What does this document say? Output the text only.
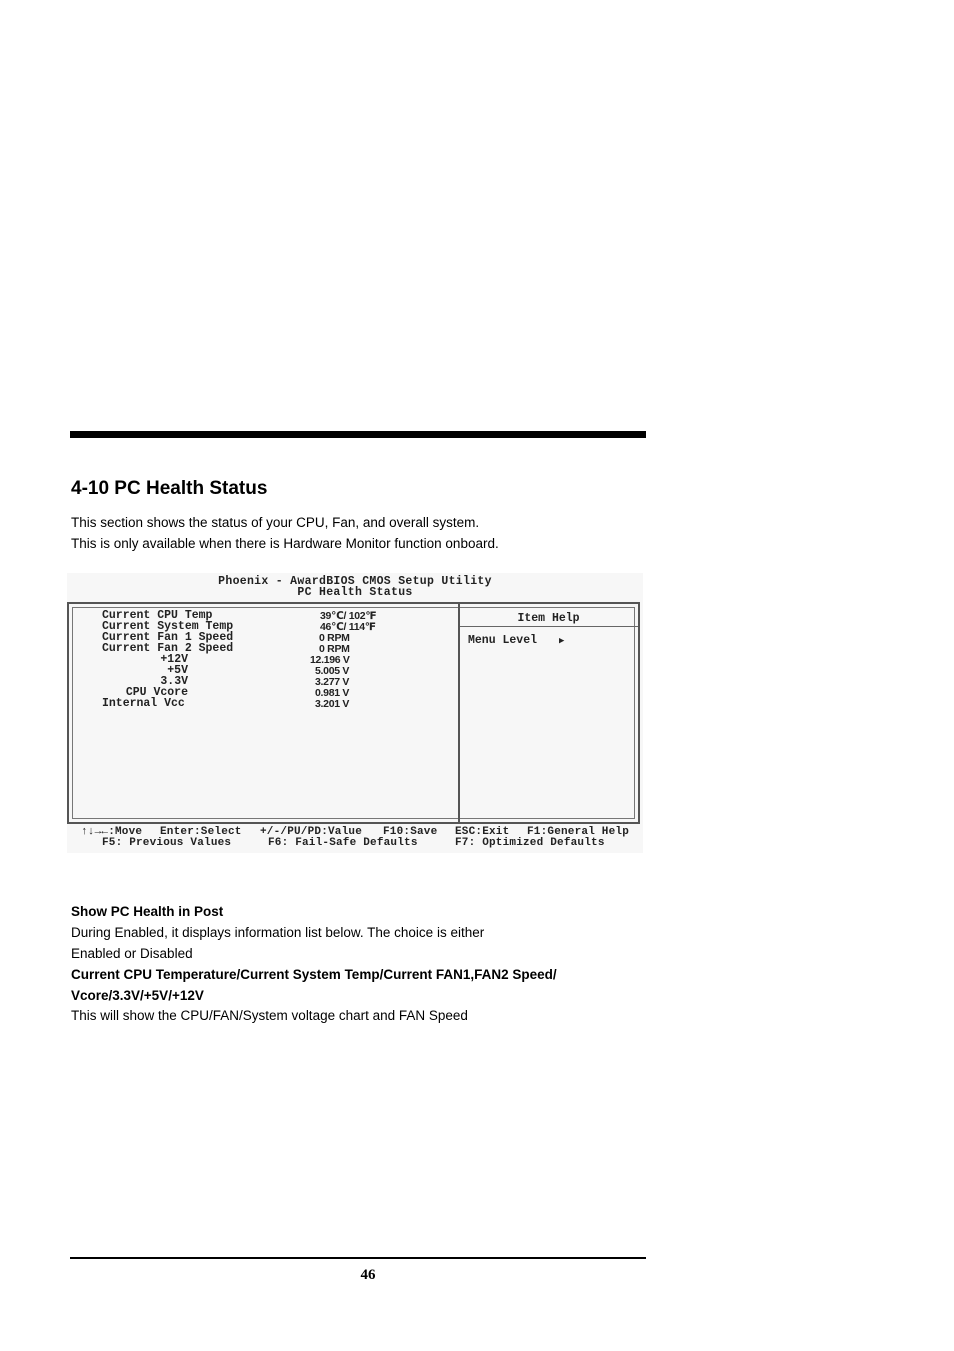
4-10 PC Health Status
This section shows the status of your CPU, Fan, and overall system.
This is only available when there is Hardware Monitor function onboard.
Phoenix - AwardBIOS CMOS Setup Utility
PC Health Status
Item Help
Menu Level ▶
Current CPU Temp
Current System Temp
Current Fan 1 Speed
Current Fan 2 Speed
+12V
+5V
3.3V
CPU Vcore
Internal Vcc
39℃/ 102℉
46℃/ 114℉
0 RPM
0 RPM
12.196 V
5.005 V
3.277 V
0.981 V
3.201 V
↑↓→←:Move Enter:Select +/-/PU/PD:Value F10:Save ESC:Exit F1:General Help
F5: Previous Values	F6: Fail-Safe Defaults	F7: Optimized Defaults
Show PC Health in Post
During Enabled, it displays information list below. The choice is either
Enabled or Disabled
Current CPU Temperature/Current System Temp/Current FAN1,FAN2 Speed/
Vcore/3.3V/+5V/+12V
This will show the CPU/FAN/System voltage chart and FAN Speed
46
